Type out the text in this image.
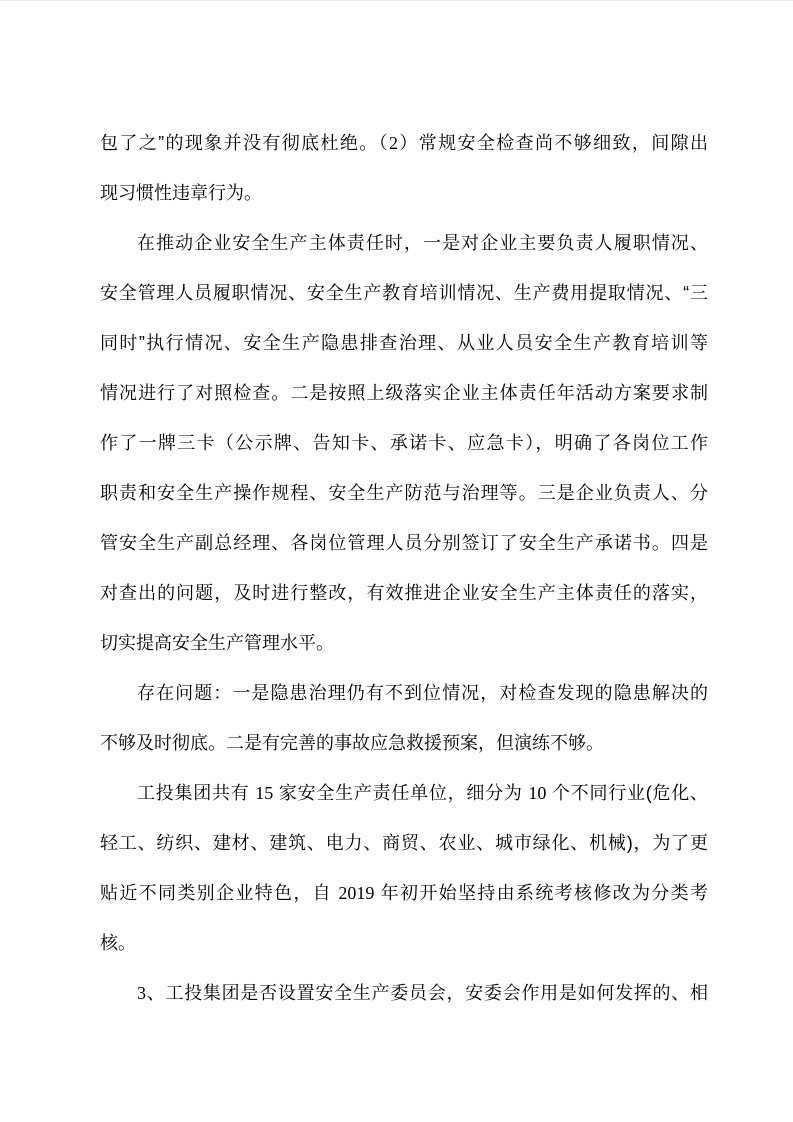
包了之”的现象并没有彻底杜绝。（2）常规安全检查尚不够细致，间隙出
现习惯性违章行为。
在推动企业安全生产主体责任时，一是对企业主要负责人履职情况、
安全管理人员履职情况、安全生产教育培训情况、生产费用提取情况、“三
同时”执行情况、安全生产隐患排查治理、从业人员安全生产教育培训等
情况进行了对照检查。二是按照上级落实企业主体责任年活动方案要求制
作了一牌三卡（公示牌、告知卡、承诺卡、应急卡），明确了各岗位工作
职责和安全生产操作规程、安全生产防范与治理等。三是企业负责人、分
管安全生产副总经理、各岗位管理人员分别签订了安全生产承诺书。四是
对查出的问题，及时进行整改，有效推进企业安全生产主体责任的落实，
切实提高安全生产管理水平。
存在问题：一是隐患治理仍有不到位情况，对检查发现的隐患解决的
不够及时彻底。二是有完善的事故应急救援预案，但演练不够。
工投集团共有 15 家安全生产责任单位，细分为 10 个不同行业(危化、
轻工、纺织、建材、建筑、电力、商贸、农业、城市绿化、机械)，为了更
贴近不同类别企业特色，自 2019 年初开始坚持由系统考核修改为分类考
核。
3、工投集团是否设置安全生产委员会，安委会作用是如何发挥的、相
